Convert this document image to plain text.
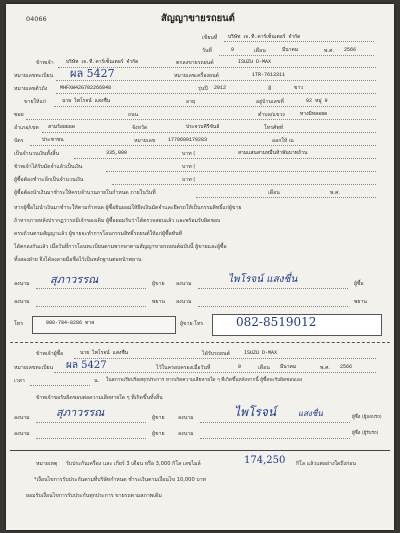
04066	สัญญาขายรถยนต์
เขียนที่ บริษัท เจ.ที.คาร์เซ็นเตอร์ จำกัด
วันที่	9	เดือน	มีนาคม	พ.ศ. 2566
ข้าพเจ้า บริษัท เจ.ที.คาร์เซ็นเตอร์ จำกัด	ตกลงขายรถยนต์	ISUZU D-MAX
หมายเลขทะเบียน ผล 5427	หมายเลขเครื่องยนต์	1TR-7613311
หมายเลขตัวถัง	MHFXW42G702266848	รุ่นปี 2012	สี	ขาว
ขายให้แก่	นาย ไพโรจน์ แสงชื่น	อายุ	อยู่บ้านเลขที่	92 หมู่ 9
ซอย	ถนน	ตำบล/แขวง	ทางมิหลอยด
อำเภอ/เขต สามร้อยยอด	จังหวัด	ประจวบคีรีขันธ์	โทรศัพท์
บัตร	ประชาชน	หมายเลข	1770600179283	ออกให้ ณ
เป็นจำนวนเงินทั้งสิ้น	335,000	บาท (	สามแสนสามหมื่นห้าพันบาทถ้วน
ข้าพเจ้าได้รับมัดจำแล้วเป็นเงิน	บาท (
ผู้ซื้อต้องชำระอีกเป็นจำนวนเงิน	บาท (
ผู้ซื้อต้องนำเงินมาชำระให้ครบจำนวนภายในกำหนด ภายในวันที่	เดือน	พ.ศ.
หากผู้ซื้อไม่นำเงินมาชำระให้ตามกำหนด ผู้ซื้อยินยอมให้ยึดเงินมัดจำและยึดรถให้เป็นกรรมสิทธิ์แก่ผู้ขาย
ถ้าหากภายหลังปรากฏว่ารถมีเจ้าของเดิม ผู้ซื้อยอมรับว่าได้ตรวจสอบแล้ว และพร้อมรับผิดชอบ
ครบถ้วนตามสัญญาแล้ว ผู้ขายจะทำการโอนกรรมสิทธิ์รถยนต์ให้แก่ผู้ซื้อทันที
ได้ตกลงกันแล้ว เมื่อวันที่การโอนทะเบียนตามพากษาตามสัญญาขายรถยนต์ฉบับนี้ ผู้ขายและผู้ซื้อ
ทั้งสองฝ่าย จึงได้ลงลายมือชื่อไว้เป็นหลักฐานต่อหน้าพยาน
ลงนาม สุภาวรรณ	ผู้ขาย ลงนาม	ไพโรจน์ แสงชื่น	ผู้ซื้อ
ลงนาม	พยาน ลงนาม	พยาน
โทร	080-784-8286 ทาส	ผู้ขาย โทร	082-8519012
ข้าพเจ้าผู้ซื้อ	นาย ไพโรจน์ แสงชื่น	ได้รับรถยนต์	ISUZU D-MAX
หมายเลขทะเบียน ผล 5427	ไว้ในครอบครองเมื่อวันที่	9	เดือน มีนาคม	พ.ศ. 2566
เวลา	น. ในสภาพเรียบร้อยทุกประการ หากเกิดความเสียหายใด ๆ ที่เกิดขึ้นหลังจากนี้ ผู้ซื้อจะรับผิดชอบเอง
ข้าพเจ้าขอรับผิดชอบต่อความเสียหายใด ๆ ที่เกิดขึ้นทั้งสิ้น
ลงนาม สุภาวรรณ	ผู้ขาย	ลงนาม	ไพโรจน์	แสงชื่น	ผู้ซื้อ (ผู้มอบรถ)
ลงนาม	ผู้ขาย	ลงนาม	ผู้ซื้อ (ผู้รับรถ)
หมายเหตุ รับประกันเครื่อง และ เกียร์ 3 เดือน หรือ 3,000 กิโล เลขไมล์	174,250 กิโล แล้วแต่อย่างใดถึงก่อน
*เงื่อนไขการรับประกันตามที่บริษัทกำหนด ชำระเงินตามเงื่อนไข 10,000 บาท
ยอมรับเงื่อนไขการรับประกันทุกประการ ขายรถตามสภาพเดิม
